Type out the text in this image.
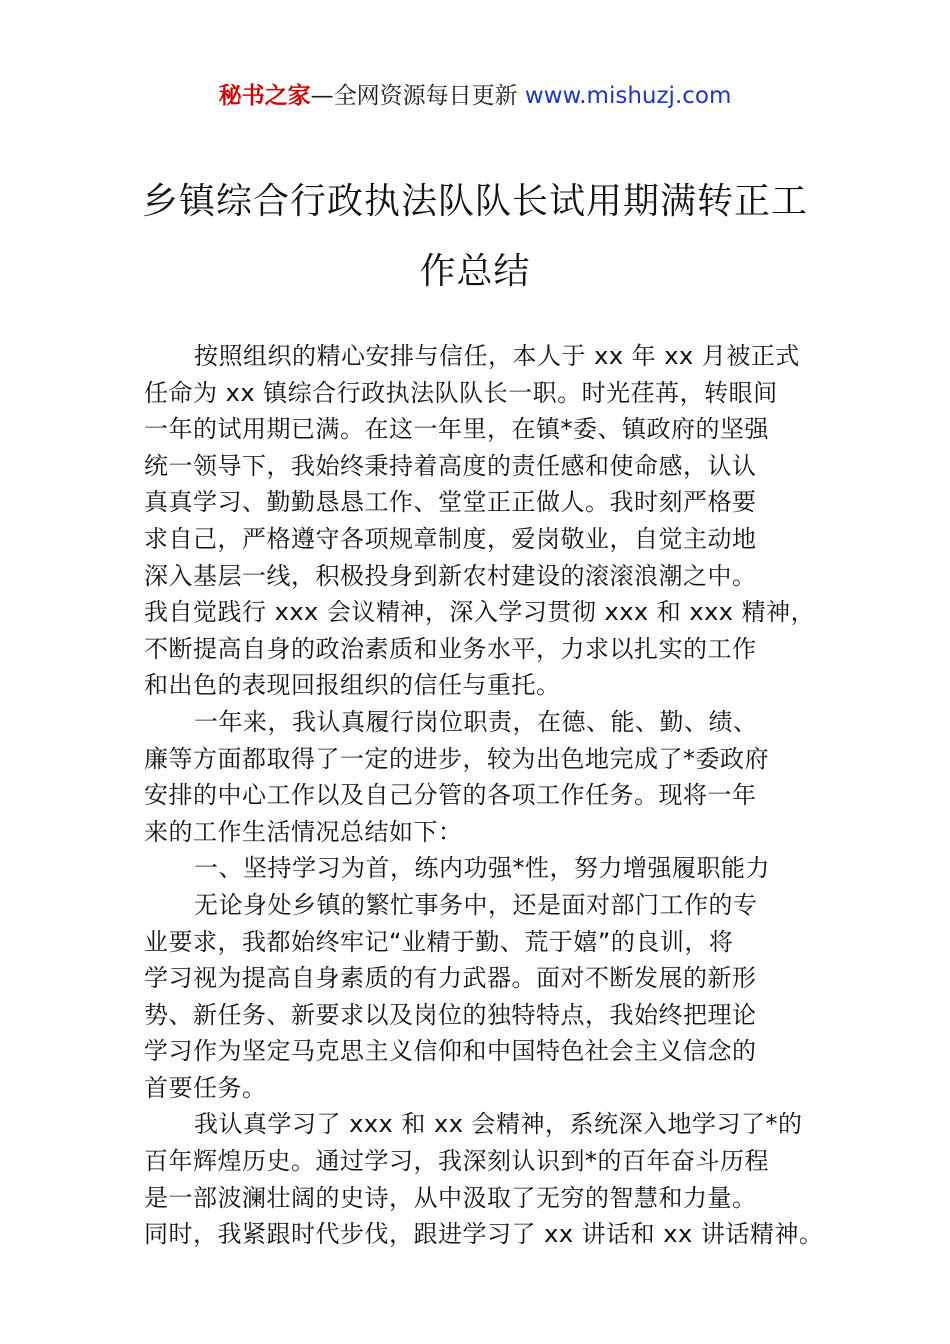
秘书之家—全网资源每日更新 www.mishuzj.com
乡镇综合行政执法队队长试用期满转正工
作总结
按照组织的精心安排与信任，本人于 xx 年 xx 月被正式
任命为 xx 镇综合行政执法队队长一职。时光荏苒，转眼间
一年的试用期已满。在这一年里，在镇*委、镇政府的坚强
统一领导下，我始终秉持着高度的责任感和使命感，认认
真真学习、勤勤恳恳工作、堂堂正正做人。我时刻严格要
求自己，严格遵守各项规章制度，爱岗敬业，自觉主动地
深入基层一线，积极投身到新农村建设的滚滚浪潮之中。
我自觉践行 xxx 会议精神，深入学习贯彻 xxx 和 xxx 精神，
不断提高自身的政治素质和业务水平，力求以扎实的工作
和出色的表现回报组织的信任与重托。
一年来，我认真履行岗位职责，在德、能、勤、绩、
廉等方面都取得了一定的进步，较为出色地完成了*委政府
安排的中心工作以及自己分管的各项工作任务。现将一年
来的工作生活情况总结如下：
一、坚持学习为首，练内功强*性，努力增强履职能力
无论身处乡镇的繁忙事务中，还是面对部门工作的专
业要求，我都始终牢记“业精于勤、荒于嬉”的良训，将
学习视为提高自身素质的有力武器。面对不断发展的新形
势、新任务、新要求以及岗位的独特特点，我始终把理论
学习作为坚定马克思主义信仰和中国特色社会主义信念的
首要任务。
我认真学习了 xxx 和 xx 会精神，系统深入地学习了*的
百年辉煌历史。通过学习，我深刻认识到*的百年奋斗历程
是一部波澜壮阔的史诗，从中汲取了无穷的智慧和力量。
同时，我紧跟时代步伐，跟进学习了 xx 讲话和 xx 讲话精神。
